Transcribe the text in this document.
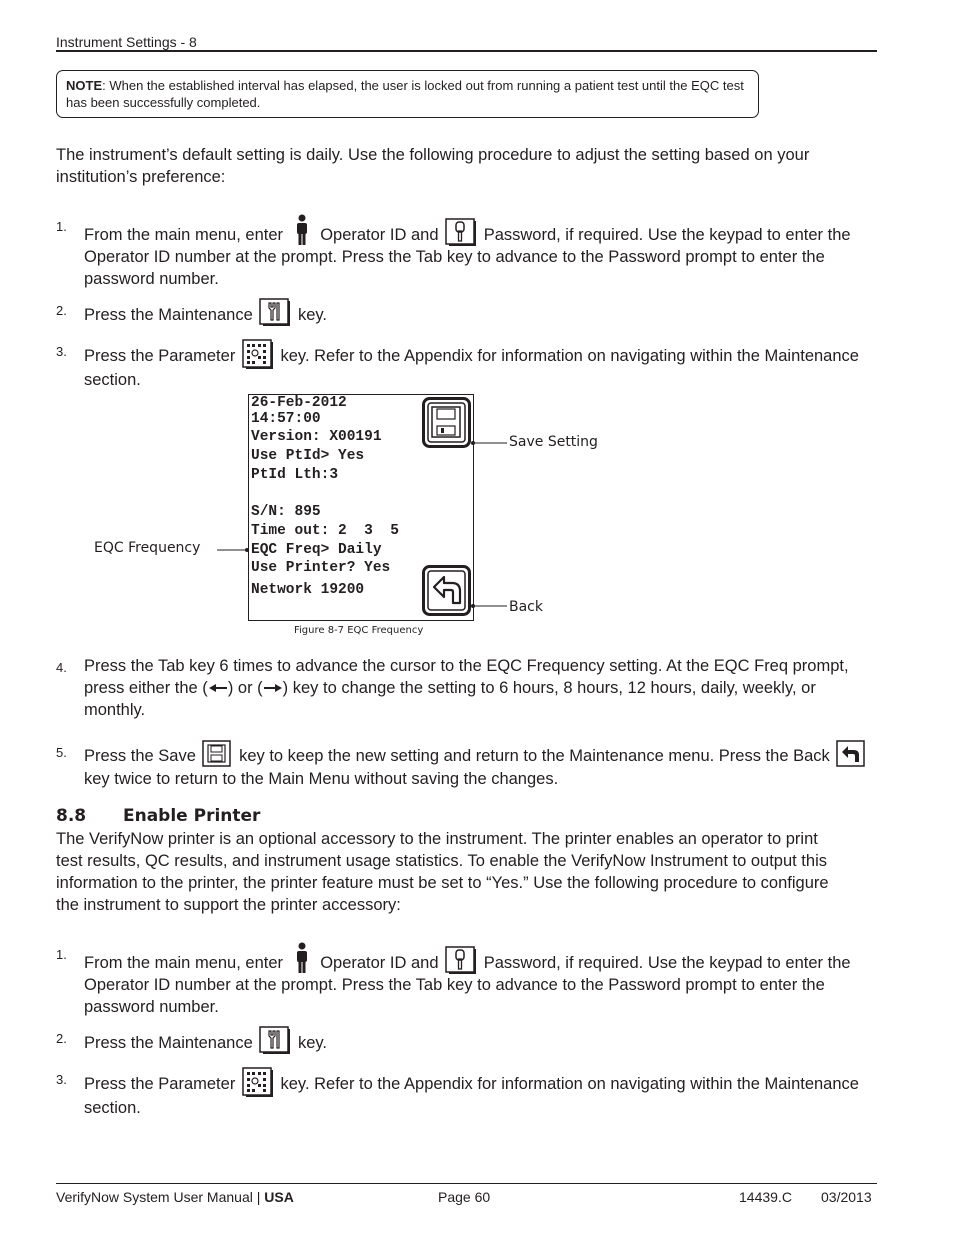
Instrument Settings - 8
NOTE: When the established interval has elapsed, the user is locked out from running a patient test until the EQC test has been successfully completed.
The instrument’s default setting is daily. Use the following procedure to adjust the setting based on your institution’s preference:
1. From the main menu, enter Operator ID and	Password, if required. Use the keypad to enter the Operator ID number at the prompt. Press the Tab key to advance to the Password prompt to enter the password number.
2. Press the Maintenance	key.
3. Press the Parameter	key. Refer to the Appendix for information on navigating within the Maintenance section.
26-Feb-2012
14:57:00
Version: X00191
Use PtId> Yes
PtId Lth:3
S/N: 895
Time out: 2  3  5
EQC Freq> Daily
Use Printer? Yes
Network 19200
Save Setting
EQC Frequency
Back
Figure 8-7 EQC Frequency
4. Press the Tab key 6 times to advance the cursor to the EQC Frequency setting. At the EQC Freq prompt, press either the ( ) or ( ) key to change the setting to 6 hours, 8 hours, 12 hours, daily, weekly, or monthly.
5. Press the Save	key to keep the new setting and return to the Maintenance menu. Press the Back
key twice to return to the Main Menu without saving the changes.
8.8 Enable Printer
The VerifyNow printer is an optional accessory to the instrument. The printer enables an operator to print test results, QC results, and instrument usage statistics. To enable the VerifyNow Instrument to output this information to the printer, the printer feature must be set to “Yes.” Use the following procedure to configure the instrument to support the printer accessory:
1. From the main menu, enter Operator ID and	Password, if required. Use the keypad to enter the Operator ID number at the prompt. Press the Tab key to advance to the Password prompt to enter the password number.
2. Press the Maintenance	key.
3. Press the Parameter	key. Refer to the Appendix for information on navigating within the Maintenance section.
VerifyNow System User Manual | USA	Page 60	14439.C 03/2013
